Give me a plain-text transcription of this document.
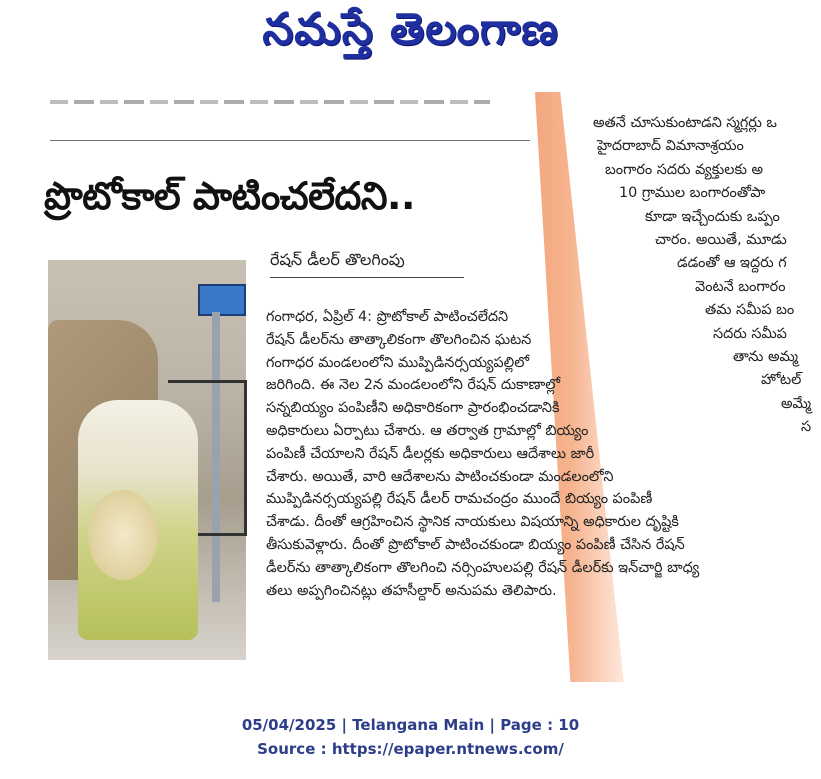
నమస్తే తెలంగాణ
ప్రొటోకాల్ పాటించలేదని..
రేషన్ డీలర్ తొలగింపు
గంగాధర, ఏప్రిల్ 4: ప్రొటోకాల్ పాటించలేదని
రేషన్ డీలర్‌ను తాత్కాలికంగా తొలగించిన ఘటన
గంగాధర మండలంలోని ముప్పిడినర్సయ్యపల్లిలో
జరిగింది. ఈ నెల 2న మండలంలోని రేషన్ దుకాణాల్లో
సన్నబియ్యం పంపిణీని అధికారికంగా ప్రారంభించడానికి
అధికారులు ఏర్పాటు చేశారు. ఆ తర్వాత గ్రామాల్లో బియ్యం
పంపిణీ చేయాలని రేషన్ డీలర్లకు అధికారులు ఆదేశాలు జారీ
చేశారు. అయితే, వారి ఆదేశాలను పాటించకుండా మండలంలోని
ముప్పిడినర్సయ్యపల్లి రేషన్ డీలర్ రామచంద్రం ముందే బియ్యం పంపిణీ
చేశాడు. దీంతో ఆగ్రహించిన స్థానిక నాయకులు విషయాన్ని అధికారుల దృష్టికి
తీసుకువెళ్లారు. దీంతో ప్రొటోకాల్ పాటించకుండా బియ్యం పంపిణీ చేసిన రేషన్
డీలర్‌ను తాత్కాలికంగా తొలగించి నర్సింహులపల్లి రేషన్ డీలర్‌కు ఇన్‌చార్జి బాధ్య
తలు అప్పగించినట్లు తహసీల్దార్ అనుపమ తెలిపారు.
అతనే చూసుకుంటాడని స్మగ్లర్లు ఒ
హైదరాబాద్ విమానాశ్రయం
బంగారం సదరు వ్యక్తులకు అ
10 గ్రాముల బంగారంతోపా
కూడా ఇచ్చేందుకు ఒప్పం
చారం. అయితే, మూడు
డడంతో ఆ ఇద్దరు గ
వెంటనే బంగారం
తమ సమీప బం
సదరు సమీప
తాను అమ్మ
హోటల్
అమ్మే
స
05/04/2025 | Telangana Main | Page : 10
Source : https://epaper.ntnews.com/
